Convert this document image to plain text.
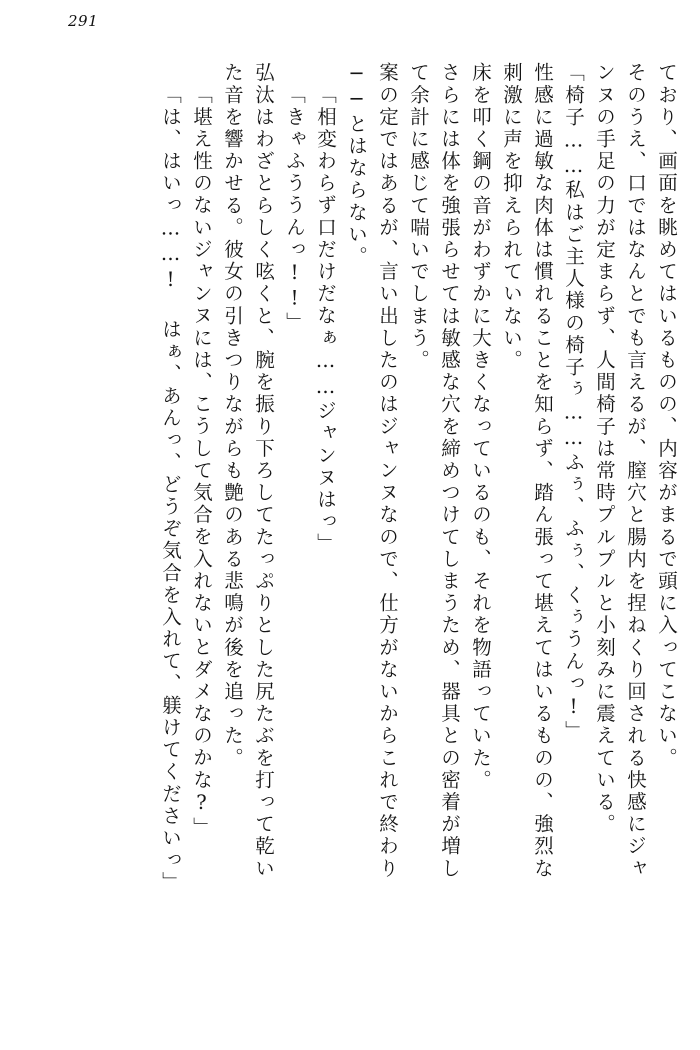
291
ており、画面を眺めてはいるものの、内容がまるで頭に入ってこない。
そのうえ、口ではなんとでも言えるが、膣穴と腸内を捏ねくり回される快感にジャ
ンヌの手足の力が定まらず、人間椅子は常時プルプルと小刻みに震えている。
「椅子……私はご主人様の椅子ぅ……ふぅ、ふぅ、くぅうんっ!」
性感に過敏な肉体は慣れることを知らず、踏ん張って堪えてはいるものの、強烈な
刺激に声を抑えられていない。
床を叩く鋼の音がわずかに大きくなっているのも、それを物語っていた。
さらには体を強張らせては敏感な穴を締めつけてしまうため、器具との密着が増し
て余計に感じて喘いでしまう。
案の定ではあるが、言い出したのはジャンヌなので、仕方がないからこれで終わり
──とはならない。
「相変わらず口だけだなぁ……ジャンヌはっ」
「きゃふううんっ!!」
弘汰はわざとらしく呟くと、腕を振り下ろしてたっぷりとした尻たぶを打って乾い
た音を響かせる。彼女の引きつりながらも艶のある悲鳴が後を追った。
「堪え性のないジャンヌには、こうして気合を入れないとダメなのかな?」
「は、はいっ……! はぁ、あんっ、どうぞ気合を入れて、躾けてくださいっ」
